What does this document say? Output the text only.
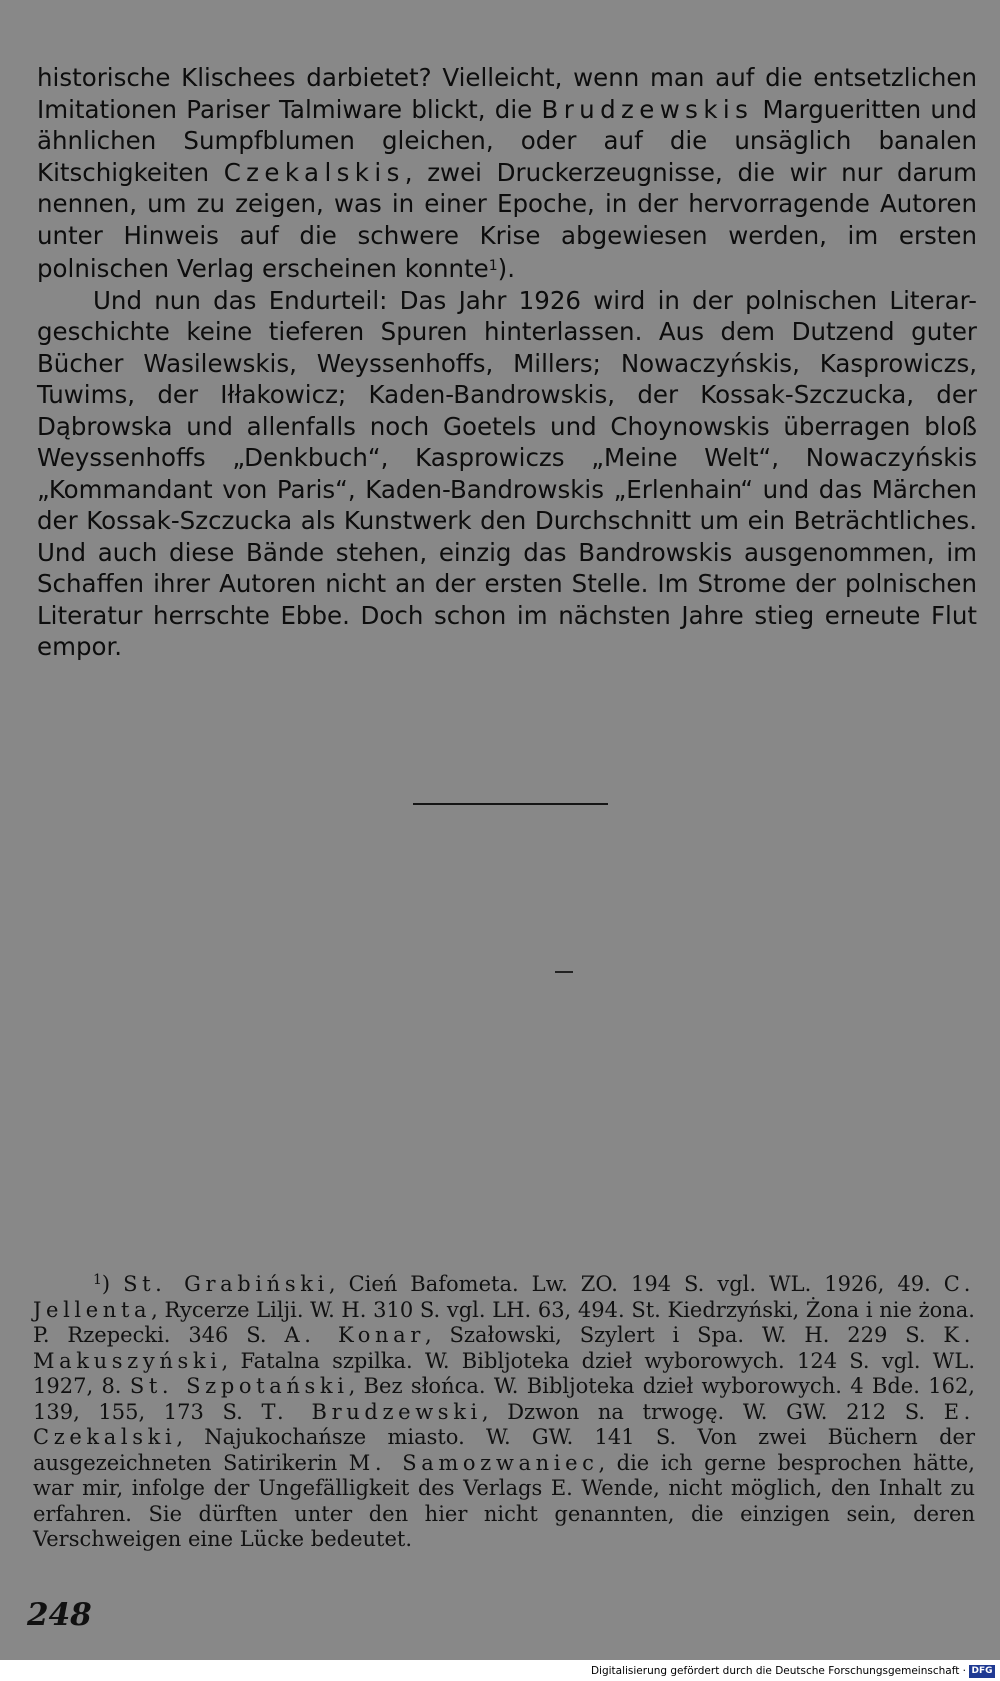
historische Klischees darbietet? Vielleicht, wenn man auf die entsetzlichen Imitationen Pariser Talmiware blickt, die Brudzewskis Margueritten und ähnlichen Sumpfblumen gleichen, oder auf die unsäglich banalen Kitschigkeiten Czekalskis, zwei Druckerzeugnisse, die wir nur darum nennen, um zu zeigen, was in einer Epoche, in der hervorragende Autoren unter Hinweis auf die schwere Krise abgewiesen werden, im ersten polnischen Verlag erscheinen konnte$^1$).

Und nun das Endurteil: Das Jahr 1926 wird in der polnischen Literar- geschichte keine tieferen Spuren hinterlassen. Aus dem Dutzend guter Bücher Wasilewskis, Weyssenhoffs, Millers; Nowaczyńskis, Kasprowiczs, Tuwims, der Iłłakowicz; Kaden-Bandrowskis, der Kossak-Szczucka, der Dąbrowska und allenfalls noch Goetels und Choynowskis überragen bloß Weyssenhoffs „Denkbuch“, Kasprowiczs „Meine Welt“, Nowaczyńskis „Kommandant von Paris“, Kaden-Bandrowskis „Erlenhain“ und das Märchen der Kossak-Szczucka als Kunstwerk den Durchschnitt um ein Beträchtliches. Und auch diese Bände stehen, einzig das Bandrowskis ausgenommen, im Schaffen ihrer Autoren nicht an der ersten Stelle. Im Strome der polnischen Literatur herrschte Ebbe. Doch schon im nächsten Jahre stieg erneute Flut empor.

$^1$) St. Grabiński, Cień Bafometa. Lw. ZO. 194 S. vgl. WL. 1926, 49. C. Jellenta, Rycerze Lilji. W. H. 310 S. vgl. LH. 63, 494. St. Kiedrzyński, Żona i nie żona. P. Rzepecki. 346 S. A. Konar, Szałowski, Szylert i Spa. W. H. 229 S. K. Makuszyński, Fatalna szpilka. W. Bibljoteka dzieł wyborowych. 124 S. vgl. WL. 1927, 8. St. Szpotański, Bez słońca. W. Bibljoteka dzieł wyborowych. 4 Bde. 162, 139, 155, 173 S. T. Brudzewski, Dzwon na trwogę. W. GW. 212 S. E. Czekalski, Najukochańsze miasto. W. GW. 141 S. Von zwei Büchern der ausgezeichneten Satirikerin M. Samozwaniec, die ich gerne besprochen hätte, war mir, infolge der Ungefälligkeit des Verlags E. Wende, nicht möglich, den Inhalt zu erfahren. Sie dürften unter den hier nicht genannten, die einzigen sein, deren Verschweigen eine Lücke bedeutet.

248
Digitalisierung gefördert durch die Deutsche Forschungsgemeinschaft · DFG
